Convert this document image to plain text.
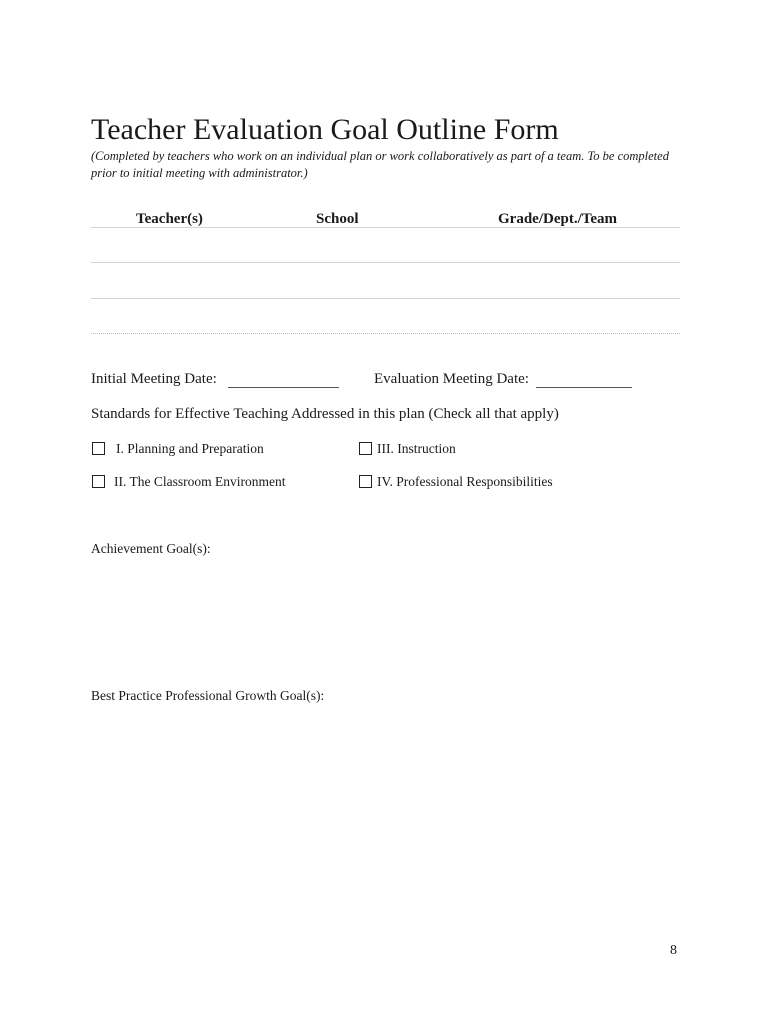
Teacher Evaluation Goal Outline Form
(Completed by teachers who work on an individual plan or work collaboratively as part of a team. To be completed prior to initial meeting with administrator.)
Teacher(s)	School	Grade/Dept./Team
Initial Meeting Date:	Evaluation Meeting Date:
Standards for Effective Teaching Addressed in this plan (Check all that apply)
I. Planning and Preparation	III. Instruction
II. The Classroom Environment	IV. Professional Responsibilities
Achievement Goal(s):
Best Practice Professional Growth Goal(s):
8
